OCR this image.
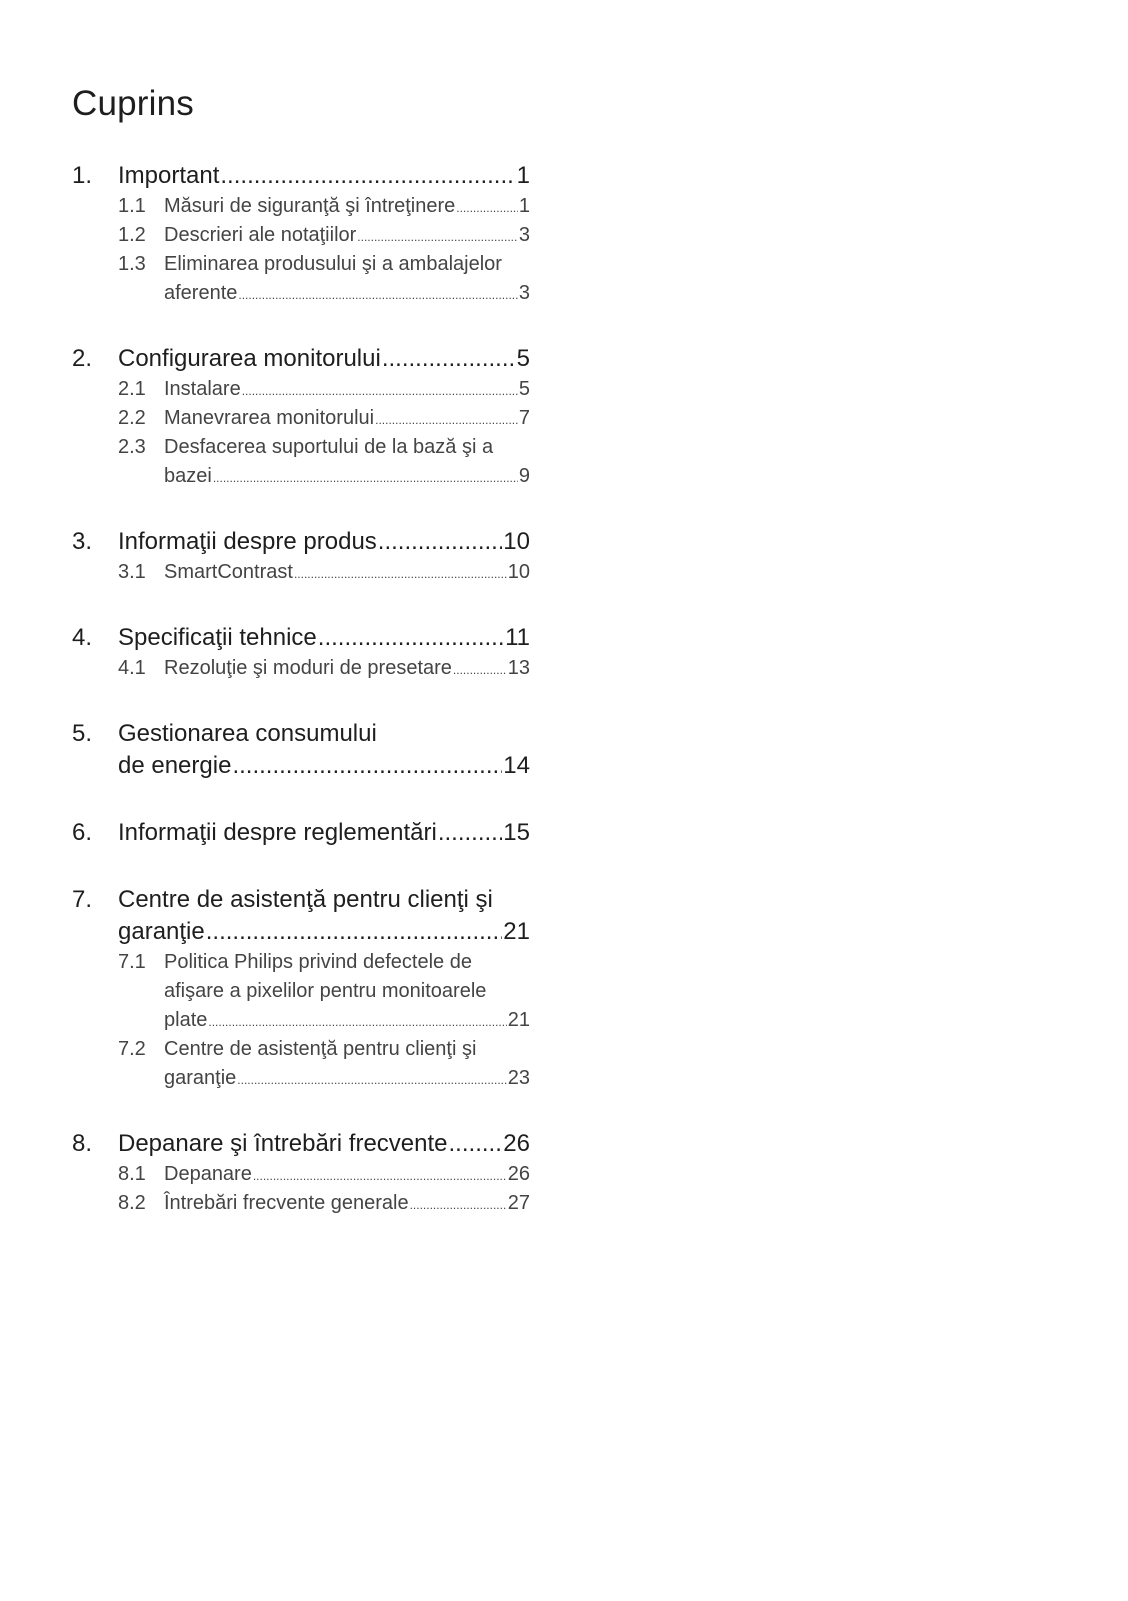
Cuprins
1.	Important .....	1
1.1 Măsuri de siguranţă şi întreţinere .....	1
1.2 Descrieri ale notaţiilor .....	3
1.3 Eliminarea produsului şi a ambalajelor
aferente .....	3
2.	Configurarea monitorului .....	5
2.1 Instalare .....	5
2.2 Manevrarea monitorului .....	7
2.3 Desfacerea suportului de la bază şi a
bazei .....	9
3.	Informaţii despre produs .....	10
3.1 SmartContrast .....	10
4.	Specificaţii tehnice .....	11
4.1 Rezoluţie şi moduri de presetare .....	13
5.	Gestionarea consumului
de energie .....	14
6.	Informaţii despre reglementări .....	15
7.	Centre de asistenţă pentru clienţi şi
garanţie .....	21
7.1 Politica Philips privind defectele de
afişare a pixelilor pentru monitoarele
plate .....	21
7.2 Centre de asistenţă pentru clienţi şi
garanţie .....	23
8.	Depanare şi întrebări frecvente ..... 26
8.1 Depanare .....	26
8.2 Întrebări frecvente generale .....	27
